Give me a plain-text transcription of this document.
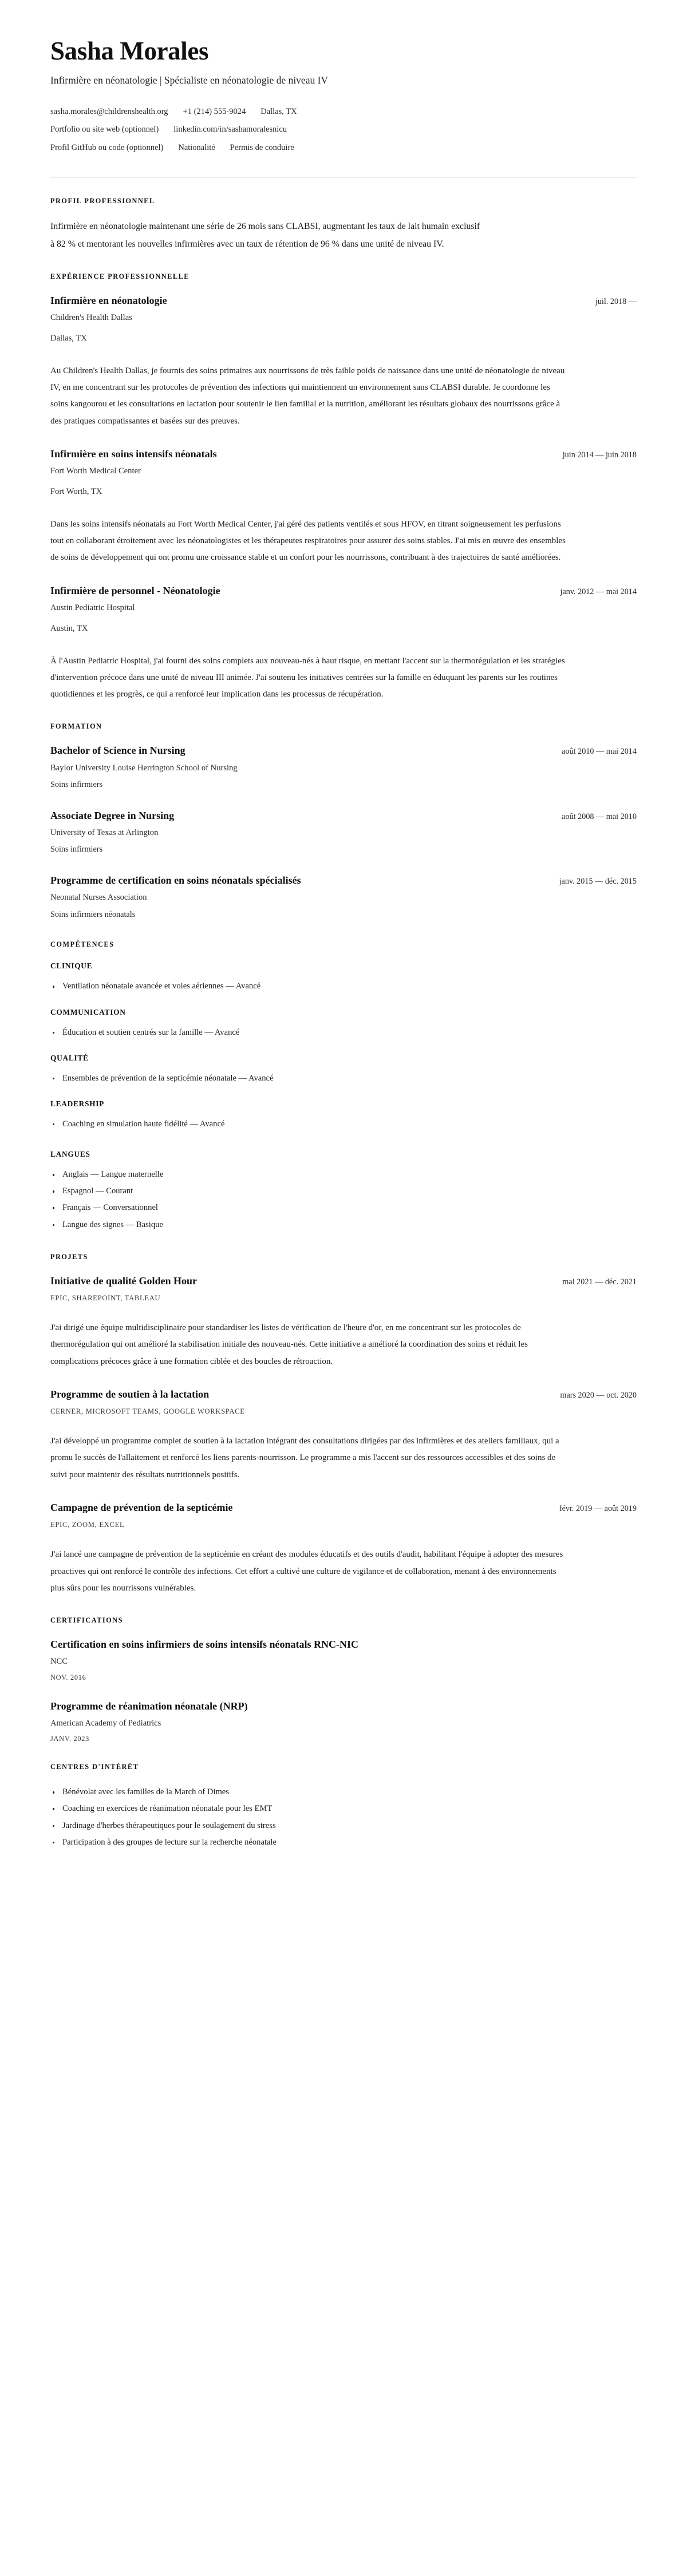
Sasha Morales
Infirmière en néonatologie | Spécialiste en néonatologie de niveau IV
sasha.morales@childrenshealth.org +1 (214) 555-9024 Dallas, TX
Portfolio ou site web (optionnel) linkedin.com/in/sashamoralesnicu
Profil GitHub ou code (optionnel) Nationalité Permis de conduire
PROFIL PROFESSIONNEL

Infirmière en néonatologie maintenant une série de 26 mois sans CLABSI, augmentant les taux de lait humain exclusif à 82 % et mentorant les nouvelles infirmières avec un taux de rétention de 96 % dans une unité de niveau IV.

EXPÉRIENCE PROFESSIONNELLE
Infirmière en néonatologie	juil. 2018 —
Children's Health Dallas
Dallas, TX

Au Children's Health Dallas, je fournis des soins primaires aux nourrissons de très faible poids de naissance dans une unité de néonatologie de niveau IV, en me concentrant sur les protocoles de prévention des infections qui maintiennent un environnement sans CLABSI durable. Je coordonne les soins kangourou et les consultations en lactation pour soutenir le lien familial et la nutrition, améliorant les résultats globaux des nourrissons grâce à des pratiques compatissantes et basées sur des preuves.

Infirmière en soins intensifs néonatals	juin 2014 — juin 2018
Fort Worth Medical Center
Fort Worth, TX

Dans les soins intensifs néonatals au Fort Worth Medical Center, j'ai géré des patients ventilés et sous HFOV, en titrant soigneusement les perfusions tout en collaborant étroitement avec les néonatologistes et les thérapeutes respiratoires pour assurer des soins stables. J'ai mis en œuvre des ensembles de soins de développement qui ont promu une croissance stable et un confort pour les nourrissons, contribuant à des trajectoires de santé améliorées.

Infirmière de personnel - Néonatologie	janv. 2012 — mai 2014
Austin Pediatric Hospital
Austin, TX

À l'Austin Pediatric Hospital, j'ai fourni des soins complets aux nouveau-nés à haut risque, en mettant l'accent sur la thermorégulation et les stratégies d'intervention précoce dans une unité de niveau III animée. J'ai soutenu les initiatives centrées sur la famille en éduquant les parents sur les routines quotidiennes et les progrès, ce qui a renforcé leur implication dans les processus de récupération.

FORMATION
Bachelor of Science in Nursing	août 2010 — mai 2014
Baylor University Louise Herrington School of Nursing
Soins infirmiers
Associate Degree in Nursing	août 2008 — mai 2010
University of Texas at Arlington
Soins infirmiers
Programme de certification en soins néonatals spécialisés	janv. 2015 — déc. 2015
Neonatal Nurses Association
Soins infirmiers néonatals
COMPÉTENCES
CLINIQUE
Ventilation néonatale avancée et voies aériennes — Avancé
COMMUNICATION
Éducation et soutien centrés sur la famille — Avancé
QUALITÉ
Ensembles de prévention de la septicémie néonatale — Avancé
LEADERSHIP
Coaching en simulation haute fidélité — Avancé
LANGUES
Anglais — Langue maternelle
Espagnol — Courant
Français — Conversationnel
Langue des signes — Basique
PROJETS
Initiative de qualité Golden Hour	mai 2021 — déc. 2021
EPIC, SHAREPOINT, TABLEAU

J'ai dirigé une équipe multidisciplinaire pour standardiser les listes de vérification de l'heure d'or, en me concentrant sur les protocoles de thermorégulation qui ont amélioré la stabilisation initiale des nouveau-nés. Cette initiative a amélioré la coordination des soins et réduit les complications précoces grâce à une formation ciblée et des boucles de rétroaction.

Programme de soutien à la lactation	mars 2020 — oct. 2020
CERNER, MICROSOFT TEAMS, GOOGLE WORKSPACE

J'ai développé un programme complet de soutien à la lactation intégrant des consultations dirigées par des infirmières et des ateliers familiaux, qui a promu le succès de l'allaitement et renforcé les liens parents-nourrisson. Le programme a mis l'accent sur des ressources accessibles et des soins de suivi pour maintenir des résultats nutritionnels positifs.

Campagne de prévention de la septicémie	févr. 2019 — août 2019
EPIC, ZOOM, EXCEL

J'ai lancé une campagne de prévention de la septicémie en créant des modules éducatifs et des outils d'audit, habilitant l'équipe à adopter des mesures proactives qui ont renforcé le contrôle des infections. Cet effort a cultivé une culture de vigilance et de collaboration, menant à des environnements plus sûrs pour les nourrissons vulnérables.

CERTIFICATIONS
Certification en soins infirmiers de soins intensifs néonatals RNC-NIC
NCC
NOV. 2016
Programme de réanimation néonatale (NRP)
American Academy of Pediatrics
JANV. 2023
CENTRES D'INTÉRÊT
Bénévolat avec les familles de la March of Dimes
Coaching en exercices de réanimation néonatale pour les EMT
Jardinage d'herbes thérapeutiques pour le soulagement du stress
Participation à des groupes de lecture sur la recherche néonatale
